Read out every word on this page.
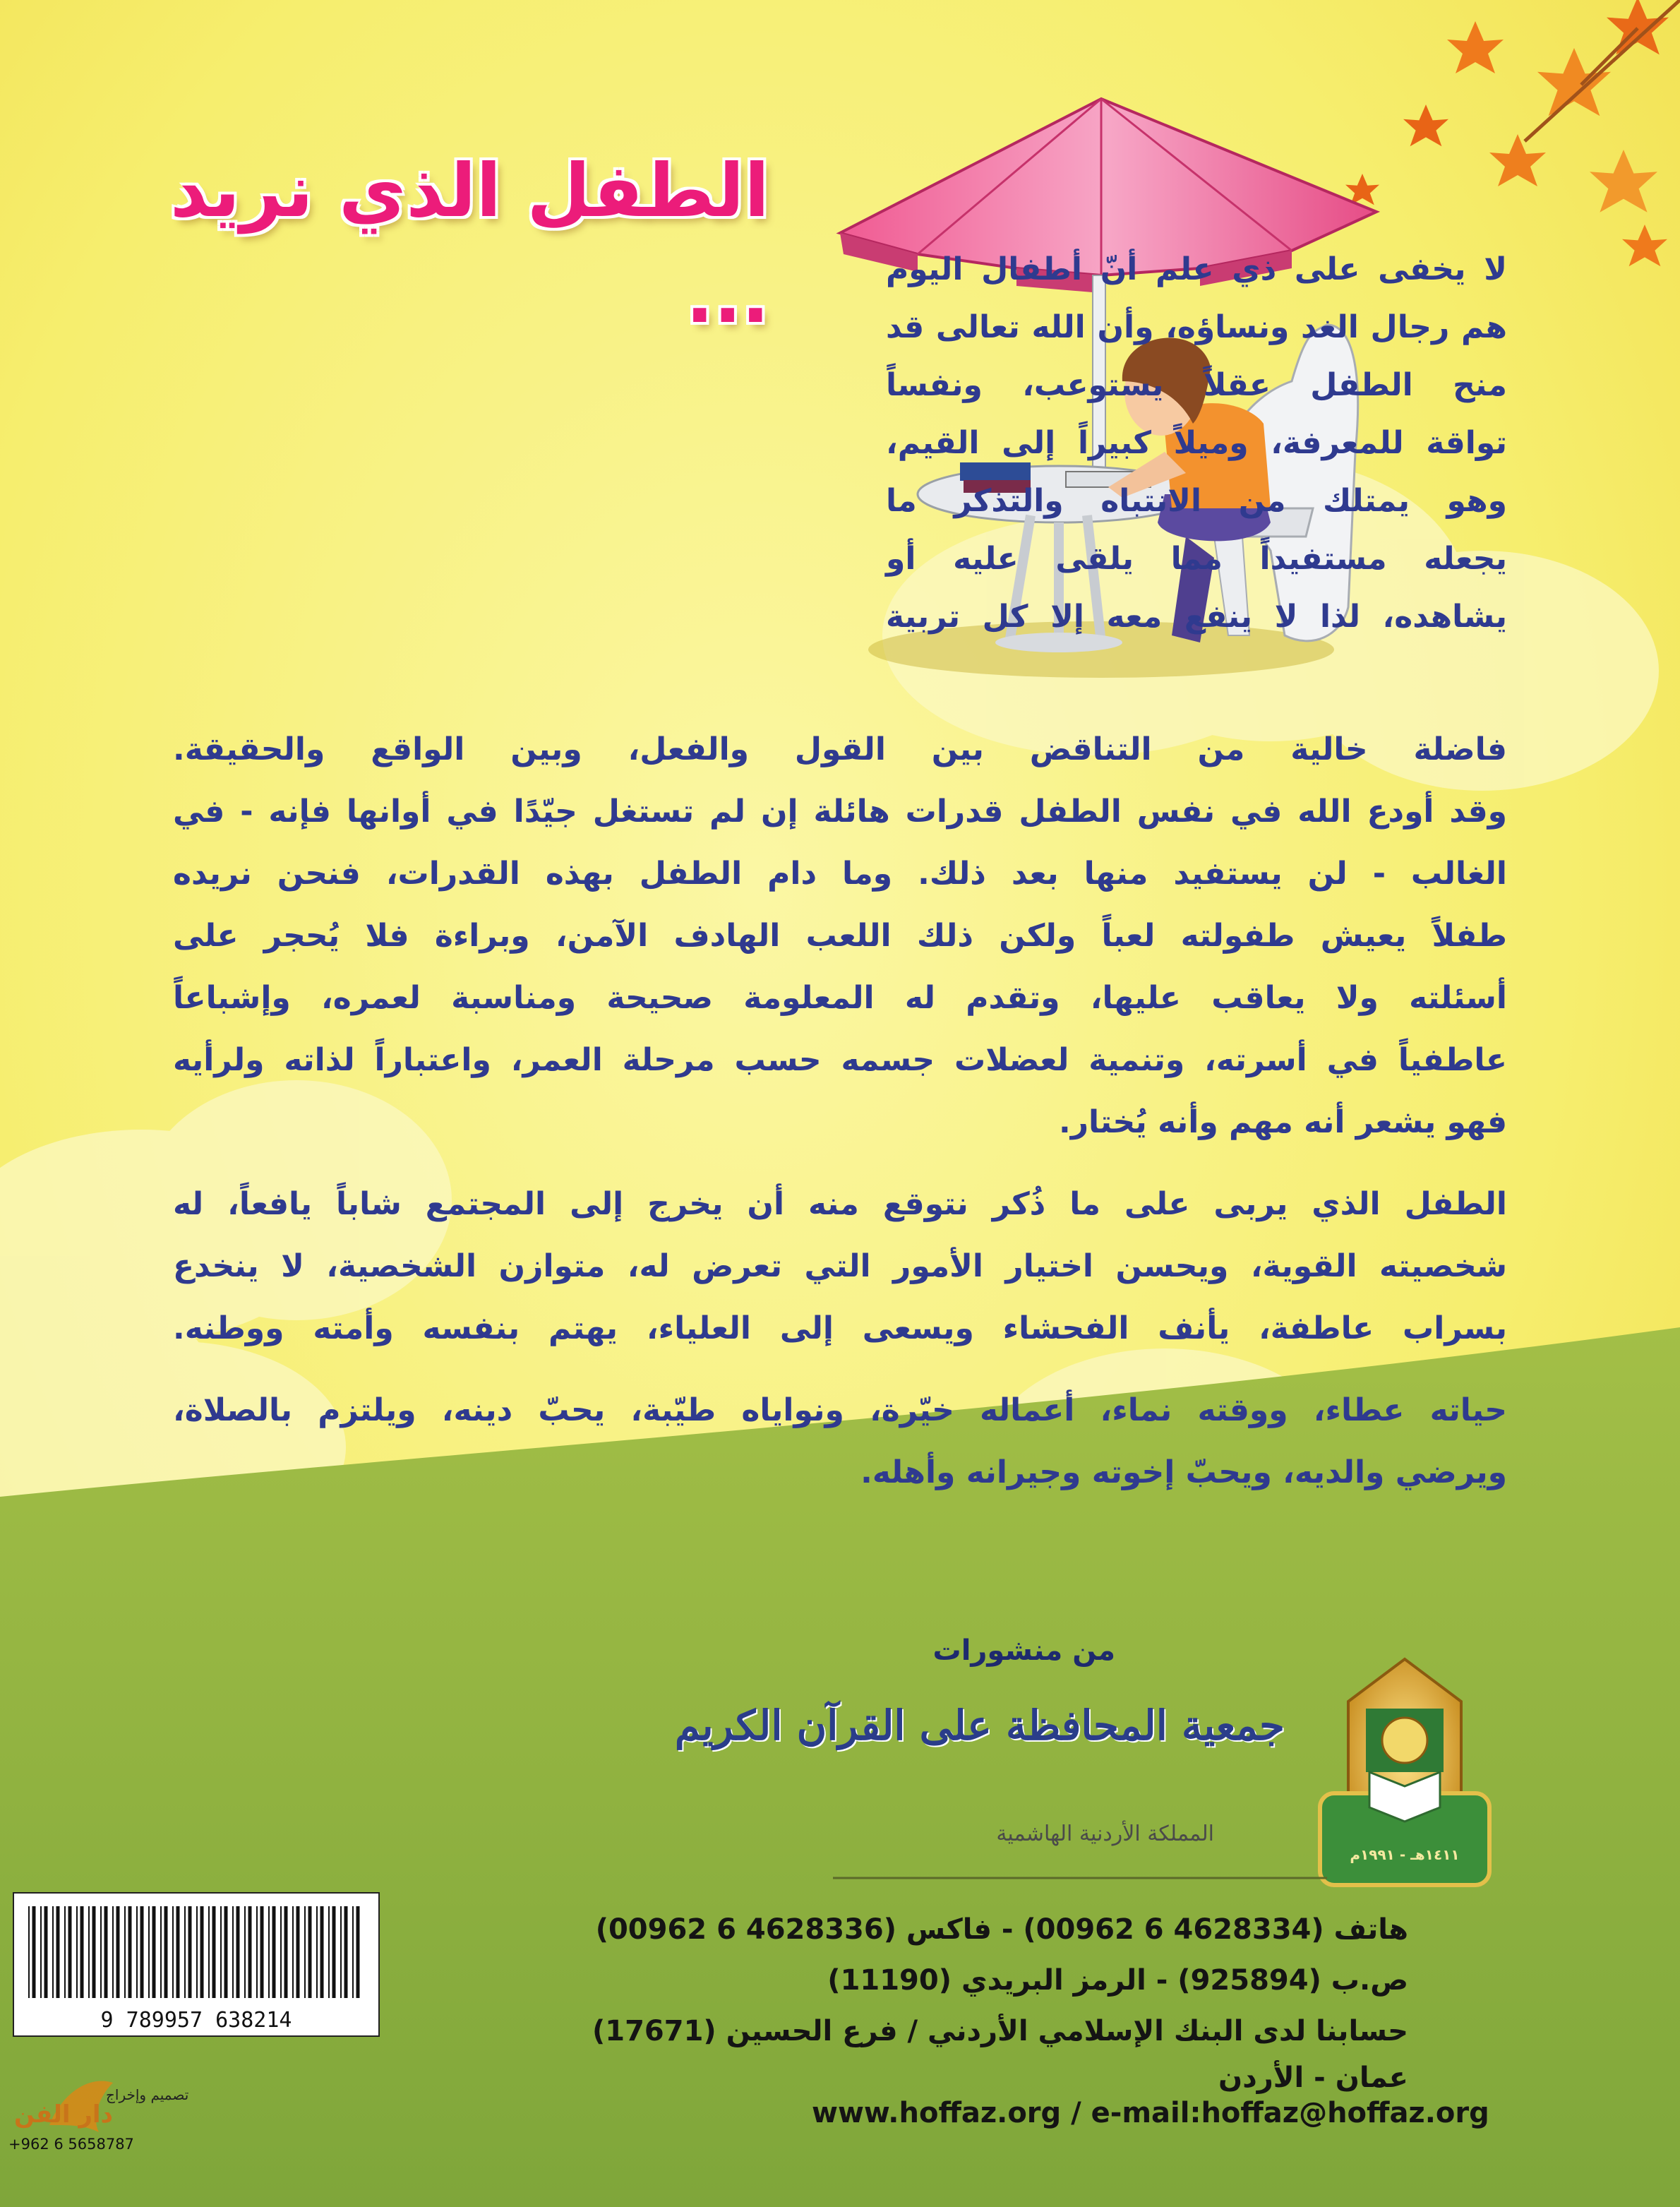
الطفل الذي نريد ...	لا يخفى على ذي علم أنّ أطفال اليوم
هم رجال الغد ونساؤه، وأن الله تعالى قد
منح الطفل عقلاً يستوعب، ونفساً
تواقة للمعرفة، وميلاً كبيراً إلى القيم،
وهو يمتلك من الانتباه والتذكر ما
يجعله مستفيداً مما يلقى عليه أو
يشاهده، لذا لا ينفع معه إلا كل تربية
فاضلة خالية من التناقض بين القول والفعل، وبين الواقع والحقيقة.
وقد أودع الله في نفس الطفل قدرات هائلة إن لم تستغل جيّدًا في أوانها فإنه - في
الغالب - لن يستفيد منها بعد ذلك. وما دام الطفل بهذه القدرات، فنحن نريده
طفلاً يعيش طفولته لعباً ولكن ذلك اللعب الهادف الآمن، وبراءة فلا يُحجر على
أسئلته ولا يعاقب عليها، وتقدم له المعلومة صحيحة ومناسبة لعمره، وإشباعاً
عاطفياً في أسرته، وتنمية لعضلات جسمه حسب مرحلة العمر، واعتباراً لذاته ولرأيه
فهو يشعر أنه مهم وأنه يُختار.
الطفل الذي يربى على ما ذُكر نتوقع منه أن يخرج إلى المجتمع شاباً يافعاً، له
شخصيته القوية، ويحسن اختيار الأمور التي تعرض له، متوازن الشخصية، لا ينخدع
بسراب عاطفة، يأنف الفحشاء ويسعى إلى العلياء، يهتم بنفسه وأمته ووطنه.
حياته عطاء، ووقته نماء، أعماله خيّرة، ونواياه طيّبة، يحبّ دينه، ويلتزم بالصلاة،
ويرضي والديه، ويحبّ إخوته وجيرانه وأهله.
من منشورات
جمعية المحافظة على القرآن الكريم
المملكة الأردنية الهاشمية
١٤١١هـ - ١٩٩١م
هاتف (4628334 6 00962) - فاكس (4628336 6 00962)
ص.ب (925894) - الرمز البريدي (11190)
حسابنا لدى البنك الإسلامي الأردني / فرع الحسين (17671)
عمان - الأردن
www.hoffaz.org / e-mail:hoffaz@hoffaz.org
9 789957 638214
تصميم وإخراج
دار الفن
+962 6 5658787
